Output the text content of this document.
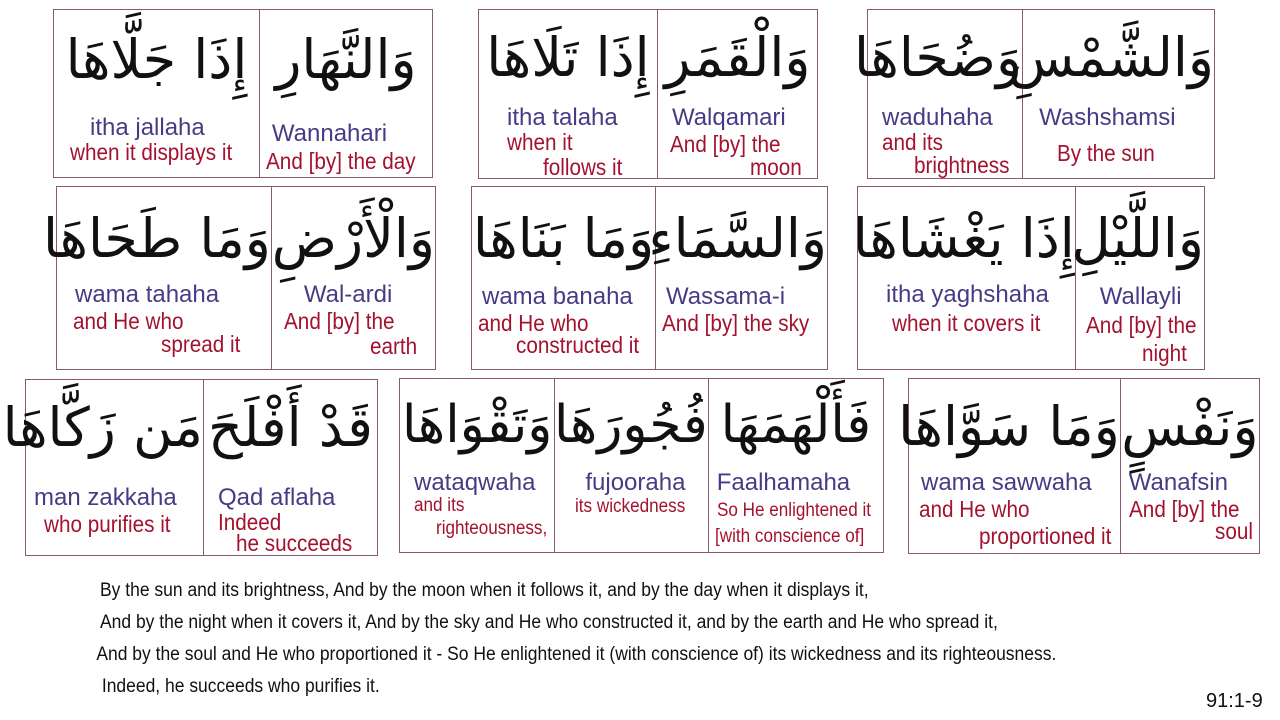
إِذَا جَلَّاهَا
itha jallaha
when it displays it
وَالنَّهَارِ
Wannahari
And [by] the day
إِذَا تَلَاهَا
itha talaha
when it
follows it
وَالْقَمَرِ
Walqamari
And [by] the
moon
وَضُحَاهَا
waduhaha
and its
brightness
وَالشَّمْسِ
Washshamsi
By the sun
وَمَا طَحَاهَا
wama tahaha
and He who
spread it
وَالْأَرْضِ
Wal-ardi
And [by] the
earth
وَمَا بَنَاهَا
wama banaha
and He who
constructed it
وَالسَّمَاءِ
Wassama-i
And [by] the sky
إِذَا يَغْشَاهَا
itha yaghshaha
when it covers it
وَاللَّيْلِ
Wallayli
And [by] the
night
مَن زَكَّاهَا
man zakkaha
who purifies it
قَدْ أَفْلَحَ
Qad aflaha
Indeed
he succeeds
وَتَقْوَاهَا
wataqwaha
and its
righteousness,
فُجُورَهَا
fujooraha
its wickedness
فَأَلْهَمَهَا
Faalhamaha
So He enlightened it
[with conscience of]
وَمَا سَوَّاهَا
wama sawwaha
and He who
proportioned it
وَنَفْسٍ
Wanafsin
And [by] the
soul
By the sun and its brightness, And by the moon when it follows it, and by the day when it displays it,
And by the night when it covers it, And by the sky and He who constructed it, and by the earth and He who spread it,
And by the soul and He who proportioned it - So He enlightened it (with conscience of) its wickedness and its righteousness.
Indeed, he succeeds who purifies it.
91:1-9
